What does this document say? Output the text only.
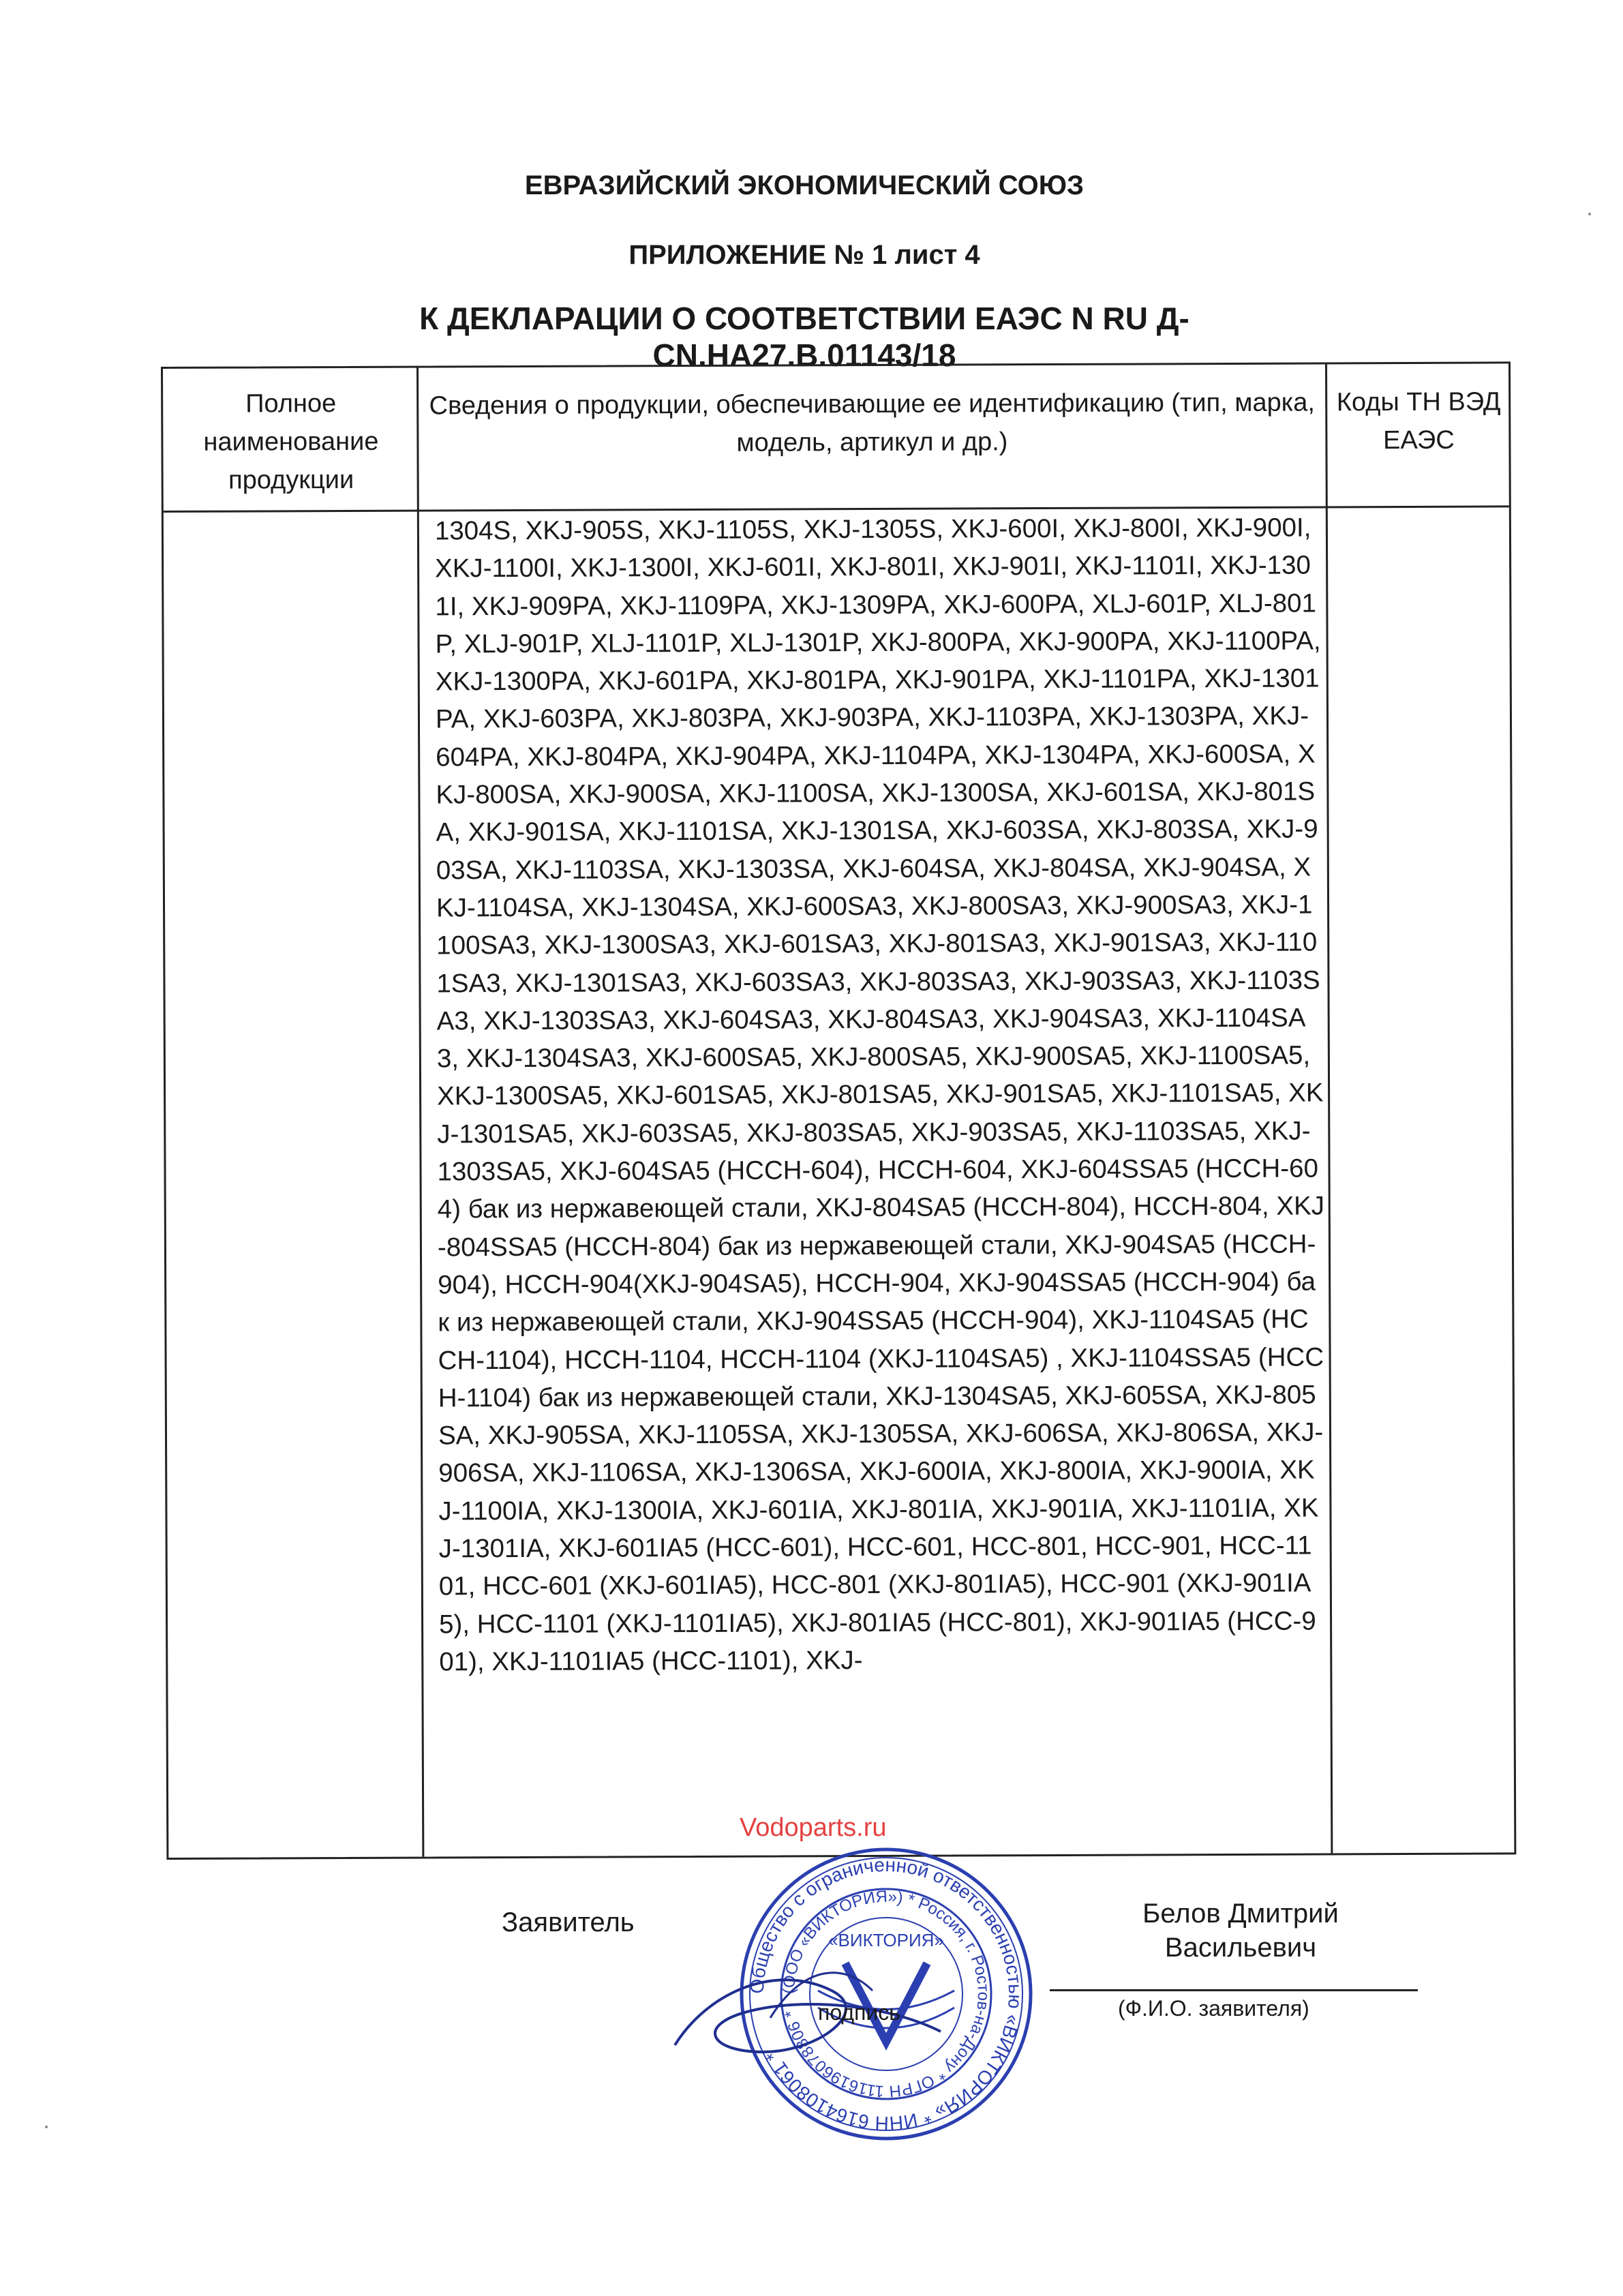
ЕВРАЗИЙСКИЙ ЭКОНОМИЧЕСКИЙ СОЮЗ
ПРИЛОЖЕНИЕ № 1 лист 4
К ДЕКЛАРАЦИИ О СООТВЕТСТВИИ ЕАЭС N RU Д-CN.НА27.В.01143/18
Полное наименование продукции
Сведения о продукции, обеспечивающие ее идентификацию (тип, марка, модель, артикул и др.)
Коды ТН ВЭД ЕАЭС
1304S, XKJ-905S, XKJ-1105S, XKJ-1305S, XKJ-600I, XKJ-800I, XKJ-900I, XKJ-1100I, XKJ-1300I, XKJ-601I, XKJ-801I, XKJ-901I, XKJ-1101I, XKJ-1301I, XKJ-909PA, XKJ-1109PA, XKJ-1309PA, XKJ-600PA, XLJ-601P, XLJ-801P, XLJ-901P, XLJ-1101P, XLJ-1301P, XKJ-800PA, XKJ-900PA, XKJ-1100PA, XKJ-1300PA, XKJ-601PA, XKJ-801PA, XKJ-901PA, XKJ-1101PA, XKJ-1301PA, XKJ-603PA, XKJ-803PA, XKJ-903PA, XKJ-1103PA, XKJ-1303PA, XKJ-604PA, XKJ-804PA, XKJ-904PA, XKJ-1104PA, XKJ-1304PA, XKJ-600SA, XKJ-800SA, XKJ-900SA, XKJ-1100SA, XKJ-1300SA, XKJ-601SA, XKJ-801SA, XKJ-901SA, XKJ-1101SA, XKJ-1301SA, XKJ-603SA, XKJ-803SA, XKJ-903SA, XKJ-1103SA, XKJ-1303SA, XKJ-604SA, XKJ-804SA, XKJ-904SA, XKJ-1104SA, XKJ-1304SA, XKJ-600SA3, XKJ-800SA3, XKJ-900SA3, XKJ-1100SA3, XKJ-1300SA3, XKJ-601SA3, XKJ-801SA3, XKJ-901SA3, XKJ-1101SA3, XKJ-1301SA3, XKJ-603SA3, XKJ-803SA3, XKJ-903SA3, XKJ-1103SA3, XKJ-1303SA3, XKJ-604SA3, XKJ-804SA3, XKJ-904SA3, XKJ-1104SA3, XKJ-1304SA3, XKJ-600SA5, XKJ-800SA5, XKJ-900SA5, XKJ-1100SA5, XKJ-1300SA5, XKJ-601SA5, XKJ-801SA5, XKJ-901SA5, XKJ-1101SA5, XKJ-1301SA5, XKJ-603SA5, XKJ-803SA5, XKJ-903SA5, XKJ-1103SA5, XKJ-1303SA5, XKJ-604SA5 (HCCH-604), HCCH-604, XKJ-604SSA5 (HCCH-604) бак из нержавеющей стали, XKJ-804SA5 (HCCH-804), HCCH-804, XKJ-804SSA5 (HCCH-804) бак из нержавеющей стали, XKJ-904SA5 (HCCH-904), HCCH-904(XKJ-904SA5), HCCH-904, XKJ-904SSA5 (HCCH-904) бак из нержавеющей стали, XKJ-904SSA5 (HCCH-904), XKJ-1104SA5 (HCCH-1104), HCCH-1104, HCCH-1104 (XKJ-1104SA5) , XKJ-1104SSA5 (HCCH-1104) бак из нержавеющей стали, XKJ-1304SA5, XKJ-605SA, XKJ-805SA, XKJ-905SA, XKJ-1105SA, XKJ-1305SA, XKJ-606SA, XKJ-806SA, XKJ-906SA, XKJ-1106SA, XKJ-1306SA, XKJ-600IA, XKJ-800IA, XKJ-900IA, XKJ-1100IA, XKJ-1300IA, XKJ-601IA, XKJ-801IA, XKJ-901IA, XKJ-1101IA, XKJ-1301IA, XKJ-601IA5 (HCC-601), HCC-601, HCC-801, HCC-901, HCC-1101, HCC-601 (XKJ-601IA5), HCC-801 (XKJ-801IA5), HCC-901 (XKJ-901IA5), HCC-1101 (XKJ-1101IA5), XKJ-801IA5 (HCC-801), XKJ-901IA5 (HCC-901), XKJ-1101IA5 (HCC-1101), XKJ-
Vodoparts.ru
Заявитель
Общество с ограниченной ответственностью «ВИКТОРИЯ» * ИНН 6164108061 *
(ООО «ВИКТОРИЯ») * Россия, г. Ростов-на-Дону * ОГРН 1116196078806 *
«ВИКТОРИЯ»
подпись
Белов Дмитрий Васильевич
(Ф.И.О. заявителя)
